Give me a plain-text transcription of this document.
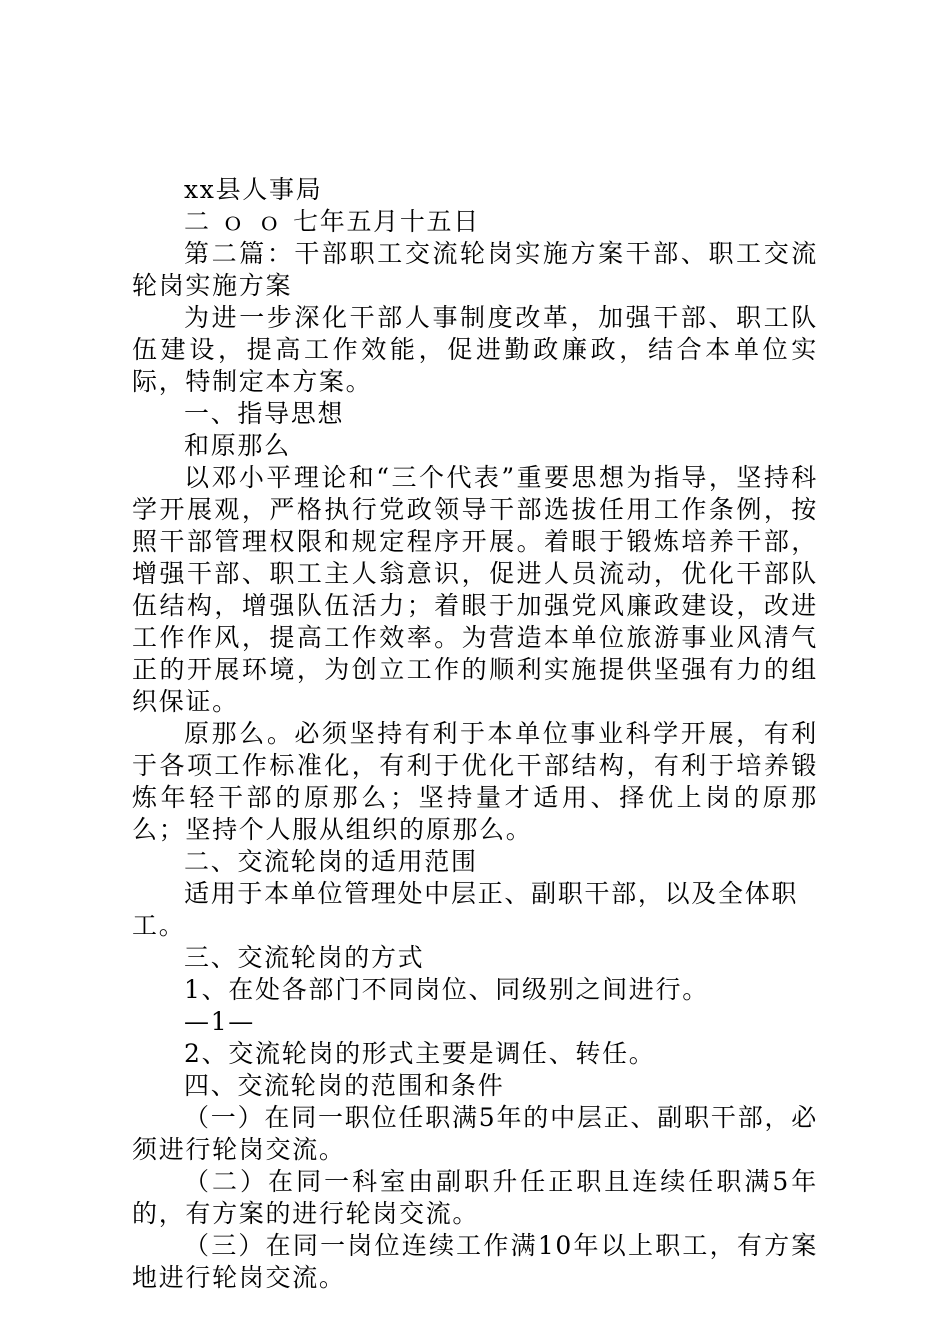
xx县人事局

二 ｏ ｏ 七年五月十五日

第二篇：干部职工交流轮岗实施方案干部、职工交流轮岗实施方案

为进一步深化干部人事制度改革，加强干部、职工队伍建设，提高工作效能，促进勤政廉政，结合本单位实际，特制定本方案。

一、指导思想

和原那么

以邓小平理论和“三个代表”重要思想为指导，坚持科学开展观，严格执行党政领导干部选拔任用工作条例，按照干部管理权限和规定程序开展。着眼于锻炼培养干部，增强干部、职工主人翁意识，促进人员流动，优化干部队伍结构，增强队伍活力；着眼于加强党风廉政建设，改进工作作风，提高工作效率。为营造本单位旅游事业风清气正的开展环境，为创立工作的顺利实施提供坚强有力的组织保证。

原那么。必须坚持有利于本单位事业科学开展，有利于各项工作标准化，有利于优化干部结构，有利于培养锻炼年轻干部的原那么；坚持量才适用、择优上岗的原那么；坚持个人服从组织的原那么。

二、交流轮岗的适用范围

适用于本单位管理处中层正、副职干部，以及全体职工。

三、交流轮岗的方式

1、在处各部门不同岗位、同级别之间进行。

—1—

2、交流轮岗的形式主要是调任、转任。

四、交流轮岗的范围和条件

（一）在同一职位任职满5年的中层正、副职干部，必须进行轮岗交流。

（二）在同一科室由副职升任正职且连续任职满5年的，有方案的进行轮岗交流。

（三）在同一岗位连续工作满10年以上职工，有方案地进行轮岗交流。
